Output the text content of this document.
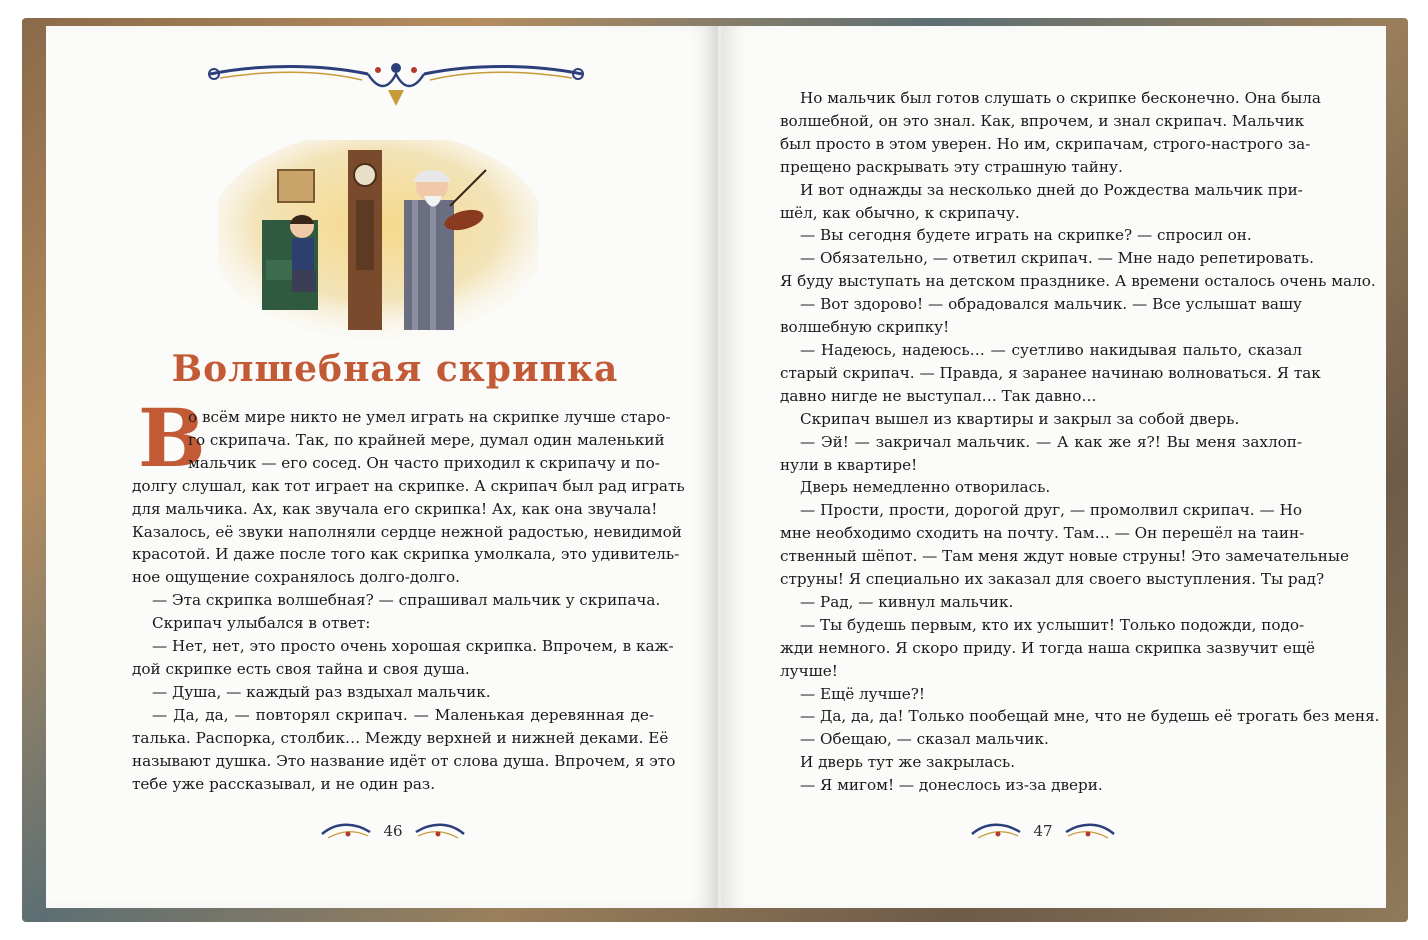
Волшебная скрипка
В
о всём мире никто не умел играть на скрипке лучше старо-
го скрипача. Так, по крайней мере, думал один маленький
мальчик — его сосед. Он часто приходил к скрипачу и по-
долгу слушал, как тот играет на скрипке. А скрипач был рад играть
для мальчика. Ах, как звучала его скрипка! Ах, как она звучала!
Казалось, её звуки наполняли сердце нежной радостью, невидимой
красотой. И даже после того как скрипка умолкала, это удивитель-
ное ощущение сохранялось долго-долго.
— Эта скрипка волшебная? — спрашивал мальчик у скрипача.
Скрипач улыбался в ответ:
— Нет, нет, это просто очень хорошая скрипка. Впрочем, в каж-
дой скрипке есть своя тайна и своя душа.
— Душа, — каждый раз вздыхал мальчик.
— Да, да, — повторял скрипач. — Маленькая деревянная де-
талька. Распорка, столбик… Между верхней и нижней деками. Её
называют душка. Это название идёт от слова душа. Впрочем, я это
тебе уже рассказывал, и не один раз.
Но мальчик был готов слушать о скрипке бесконечно. Она была
волшебной, он это знал. Как, впрочем, и знал скрипач. Мальчик
был просто в этом уверен. Но им, скрипачам, строго-настрого за-
прещено раскрывать эту страшную тайну.
И вот однажды за несколько дней до Рождества мальчик при-
шёл, как обычно, к скрипачу.
— Вы сегодня будете играть на скрипке? — спросил он.
— Обязательно, — ответил скрипач. — Мне надо репетировать.
Я буду выступать на детском празднике. А времени осталось очень мало.
— Вот здорово! — обрадовался мальчик. — Все услышат вашу
волшебную скрипку!
— Надеюсь, надеюсь… — суетливо накидывая пальто, сказал
старый скрипач. — Правда, я заранее начинаю волноваться. Я так
давно нигде не выступал… Так давно…
Скрипач вышел из квартиры и закрыл за собой дверь.
— Эй! — закричал мальчик. — А как же я?! Вы меня захлоп-
нули в квартире!
Дверь немедленно отворилась.
— Прости, прости, дорогой друг, — промолвил скрипач. — Но
мне необходимо сходить на почту. Там… — Он перешёл на таин-
ственный шёпот. — Там меня ждут новые струны! Это замечательные
струны! Я специально их заказал для своего выступления. Ты рад?
— Рад, — кивнул мальчик.
— Ты будешь первым, кто их услышит! Только подожди, подо-
жди немного. Я скоро приду. И тогда наша скрипка зазвучит ещё
лучше!
— Ещё лучше?!
— Да, да, да! Только пообещай мне, что не будешь её трогать без меня.
— Обещаю, — сказал мальчик.
И дверь тут же закрылась.
— Я мигом! — донеслось из-за двери.
46	47
